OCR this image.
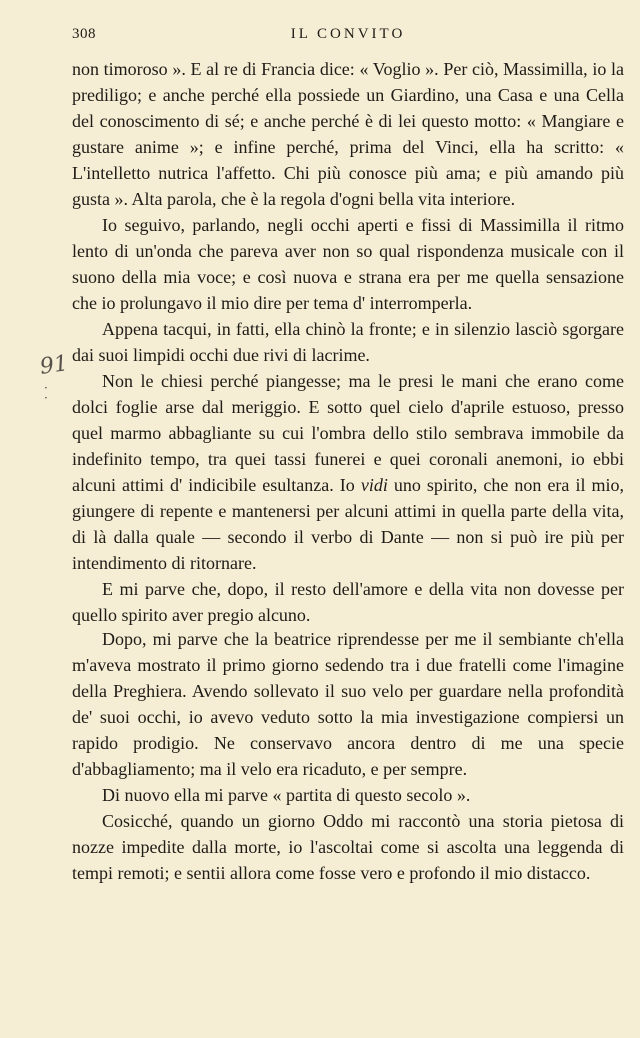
308	IL CONVITO
91
·
·

non timoroso ». E al re di Francia dice: « Voglio ». Per ciò, Massimilla, io la prediligo; e anche perché ella possiede un Giardino, una Casa e una Cella del conoscimento di sé; e anche perché è di lei questo motto: « Mangiare e gustare anime »; e infine perché, prima del Vinci, ella ha scritto: « L'intelletto nutrica l'affetto. Chi più conosce più ama; e più amando più gusta ». Alta parola, che è la regola d'ogni bella vita interiore.

Io seguivo, parlando, negli occhi aperti e fissi di Massimilla il ritmo lento di un'onda che pareva aver non so qual rispondenza musicale con il suono della mia voce; e così nuova e strana era per me quella sensazione che io prolungavo il mio dire per tema d' interromperla.

Appena tacqui, in fatti, ella chinò la fronte; e in silenzio lasciò sgorgare dai suoi limpidi occhi due rivi di lacrime.

Non le chiesi perché piangesse; ma le presi le mani che erano come dolci foglie arse dal meriggio. E sotto quel cielo d'aprile estuoso, presso quel marmo abbagliante su cui l'ombra dello stilo sembrava immobile da indefinito tempo, tra quei tassi funerei e quei coronali anemoni, io ebbi alcuni attimi d' indicibile esultanza. Io vidi uno spirito, che non era il mio, giungere di repente e mantenersi per alcuni attimi in quella parte della vita, di là dalla quale — secondo il verbo di Dante — non si può ire più per intendimento di ritornare.

E mi parve che, dopo, il resto dell'amore e della vita non dovesse per quello spirito aver pregio alcuno.

Dopo, mi parve che la beatrice riprendesse per me il sembiante ch'ella m'aveva mostrato il primo giorno sedendo tra i due fratelli come l'imagine della Preghiera. Avendo sollevato il suo velo per guardare nella profondità de' suoi occhi, io avevo veduto sotto la mia investigazione compiersi un rapido prodigio. Ne conservavo ancora dentro di me una specie d'abbagliamento; ma il velo era ricaduto, e per sempre.

Di nuovo ella mi parve « partita di questo secolo ».

Cosicché, quando un giorno Oddo mi raccontò una storia pietosa di nozze impedite dalla morte, io l'ascoltai come si ascolta una leggenda di tempi remoti; e sentii allora come fosse vero e profondo il mio distacco.
